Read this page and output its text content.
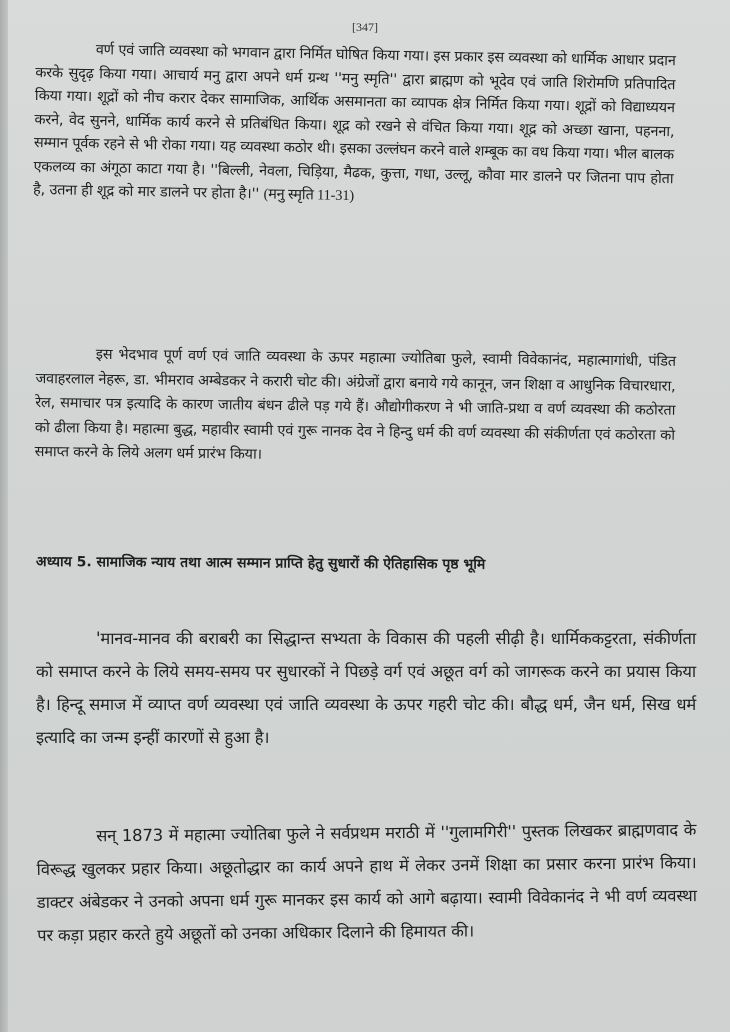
[347]

वर्ण एवं जाति व्यवस्था को भगवान द्वारा निर्मित घोषित किया गया। इस प्रकार इस व्यवस्था को धार्मिक आधार प्रदान करके सुदृढ़ किया गया। आचार्य मनु द्वारा अपने धर्म ग्रन्थ ''मनु स्मृति'' द्वारा ब्राह्मण को भूदेव एवं जाति शिरोमणि प्रतिपादित किया गया। शूद्रों को नीच करार देकर सामाजिक, आर्थिक असमानता का व्यापक क्षेत्र निर्मित किया गया। शूद्रों को विद्याध्ययन करने, वेद सुनने, धार्मिक कार्य करने से प्रतिबंधित किया। शूद्र को रखने से वंचित किया गया। शूद्र को अच्छा खाना, पहनना, सम्मान पूर्वक रहने से भी रोका गया। यह व्यवस्था कठोर थी। इसका उल्लंघन करने वाले शम्बूक का वध किया गया। भील बालक एकलव्य का अंगूठा काटा गया है। ''बिल्ली, नेवला, चिड़िया, मैढक, कुत्ता, गधा, उल्लू, कौवा मार डालने पर जितना पाप होता है, उतना ही शूद्र को मार डालने पर होता है।'' (मनु स्मृति 11-31)

इस भेदभाव पूर्ण वर्ण एवं जाति व्यवस्था के ऊपर महात्मा ज्योतिबा फुले, स्वामी विवेकानंद, महात्मागांधी, पंडित जवाहरलाल नेहरू, डा. भीमराव अम्बेडकर ने करारी चोट की। अंग्रेजों द्वारा बनाये गये कानून, जन शिक्षा व आधुनिक विचारधारा, रेल, समाचार पत्र इत्यादि के कारण जातीय बंधन ढीले पड़ गये हैं। औद्योगीकरण ने भी जाति-प्रथा व वर्ण व्यवस्था की कठोरता को ढीला किया है। महात्मा बुद्ध, महावीर स्वामी एवं गुरू नानक देव ने हिन्दु धर्म की वर्ण व्यवस्था की संकीर्णता एवं कठोरता को समाप्त करने के लिये अलग धर्म प्रारंभ किया।

अध्याय 5. सामाजिक न्याय तथा आत्म सम्मान प्राप्ति हेतु सुधारों की ऐतिहासिक पृष्ठ भूमि

'मानव-मानव की बराबरी का सिद्धान्त सभ्यता के विकास की पहली सीढ़ी है। धार्मिककट्टरता, संकीर्णता को समाप्त करने के लिये समय-समय पर सुधारकों ने पिछड़े वर्ग एवं अछूत वर्ग को जागरूक करने का प्रयास किया है। हिन्दू समाज में व्याप्त वर्ण व्यवस्था एवं जाति व्यवस्था के ऊपर गहरी चोट की। बौद्ध धर्म, जैन धर्म, सिख धर्म इत्यादि का जन्म इन्हीं कारणों से हुआ है।

सन् 1873 में महात्मा ज्योतिबा फुले ने सर्वप्रथम मराठी में ''गुलामगिरी'' पुस्तक लिखकर ब्राह्मणवाद के विरूद्ध खुलकर प्रहार किया। अछूतोद्धार का कार्य अपने हाथ में लेकर उनमें शिक्षा का प्रसार करना प्रारंभ किया। डाक्टर अंबेडकर ने उनको अपना धर्म गुरू मानकर इस कार्य को आगे बढ़ाया। स्वामी विवेकानंद ने भी वर्ण व्यवस्था पर कड़ा प्रहार करते हुये अछूतों को उनका अधिकार दिलाने की हिमायत की।
